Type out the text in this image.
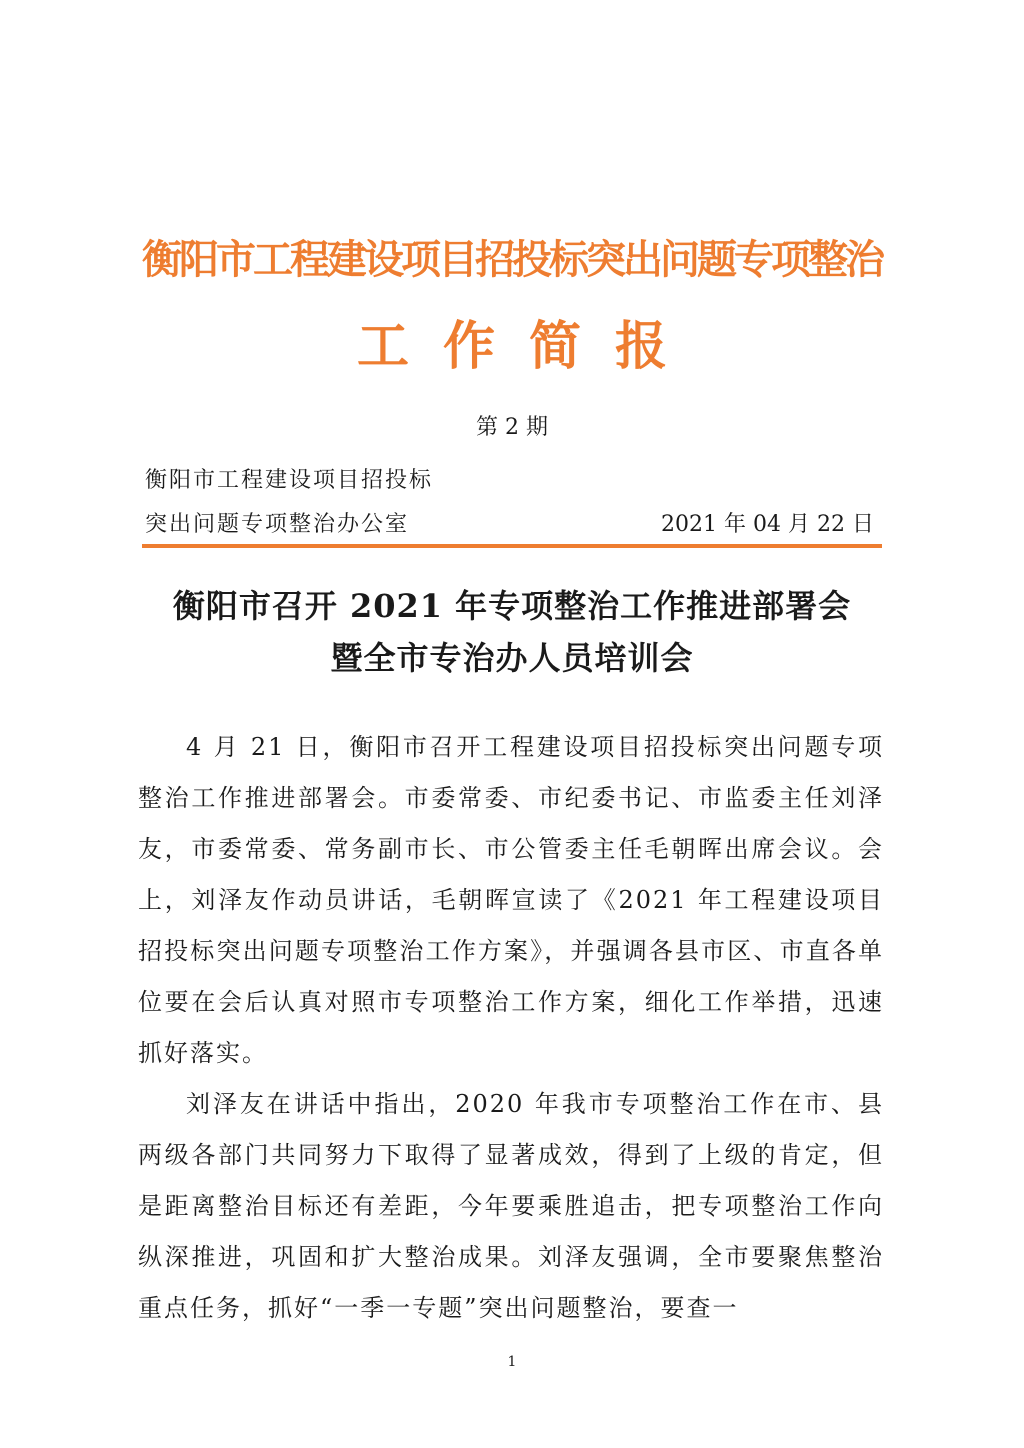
衡阳市工程建设项目招投标突出问题专项整治
工作简报
第 2 期
衡阳市工程建设项目招投标
突出问题专项整治办公室	2021 年 04 月 22 日
衡阳市召开 2021 年专项整治工作推进部署会
暨全市专治办人员培训会

4 月 21 日，衡阳市召开工程建设项目招投标突出问题专项整治工作推进部署会。市委常委、市纪委书记、市监委主任刘泽友，市委常委、常务副市长、市公管委主任毛朝晖出席会议。会上，刘泽友作动员讲话，毛朝晖宣读了《2021 年工程建设项目招投标突出问题专项整治工作方案》，并强调各县市区、市直各单位要在会后认真对照市专项整治工作方案，细化工作举措，迅速抓好落实。

刘泽友在讲话中指出，2020 年我市专项整治工作在市、县两级各部门共同努力下取得了显著成效，得到了上级的肯定，但是距离整治目标还有差距，今年要乘胜追击，把专项整治工作向纵深推进，巩固和扩大整治成果。刘泽友强调，全市要聚焦整治重点任务，抓好“一季一专题”突出问题整治，要查一

1
